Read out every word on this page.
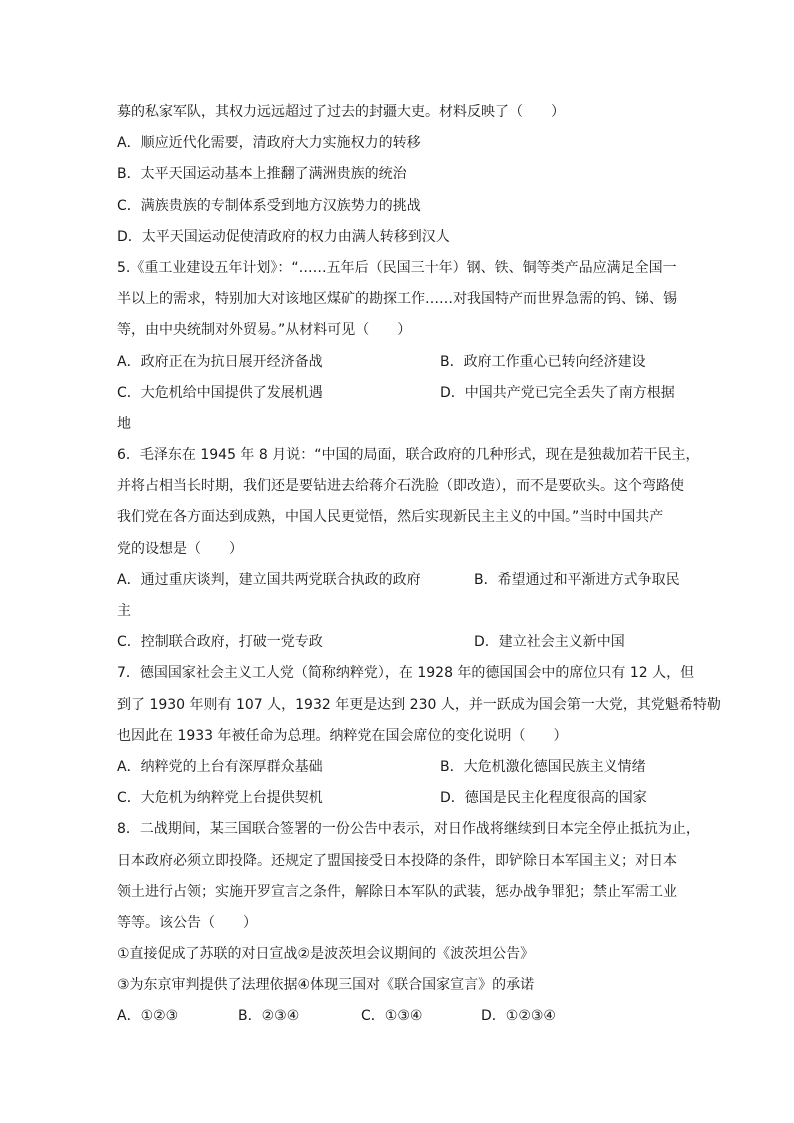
募的私家军队，其权力远远超过了过去的封疆大吏。材料反映了（　　）
A．顺应近代化需要，清政府大力实施权力的转移
B．太平天国运动基本上推翻了满洲贵族的统治
C．满族贵族的专制体系受到地方汉族势力的挑战
D．太平天国运动促使清政府的权力由满人转移到汉人
5.《重工业建设五年计划》：“……五年后（民国三十年）钢、铁、铜等类产品应满足全国一
半以上的需求，特别加大对该地区煤矿的勘探工作……对我国特产而世界急需的钨、锑、锡
等，由中央统制对外贸易。”从材料可见（　　）
A．政府正在为抗日展开经济备战	B．政府工作重心已转向经济建设
C．大危机给中国提供了发展机遇	D．中国共产党已完全丢失了南方根据
地
6．毛泽东在 1945 年 8 月说：“中国的局面，联合政府的几种形式，现在是独裁加若干民主，
并将占相当长时期，我们还是要钻进去给蒋介石洗脸（即改造），而不是要砍头。这个弯路使
我们党在各方面达到成熟，中国人民更觉悟，然后实现新民主主义的中国。”当时中国共产
党的设想是（　　）
A．通过重庆谈判，建立国共两党联合执政的政府	B．希望通过和平渐进方式争取民
主
C．控制联合政府，打破一党专政	D．建立社会主义新中国
7．德国国家社会主义工人党（简称纳粹党），在 1928 年的德国国会中的席位只有 12 人，但
到了 1930 年则有 107 人，1932 年更是达到 230 人，并一跃成为国会第一大党，其党魁希特勒
也因此在 1933 年被任命为总理。纳粹党在国会席位的变化说明（　　）
A．纳粹党的上台有深厚群众基础	B．大危机激化德国民族主义情绪
C．大危机为纳粹党上台提供契机	D．德国是民主化程度很高的国家
8．二战期间，某三国联合签署的一份公告中表示，对日作战将继续到日本完全停止抵抗为止，
日本政府必须立即投降。还规定了盟国接受日本投降的条件，即铲除日本军国主义；对日本
领土进行占领；实施开罗宣言之条件，解除日本军队的武装，惩办战争罪犯；禁止军需工业
等等。该公告（　　）
①直接促成了苏联的对日宣战②是波茨坦会议期间的《波茨坦公告》
③为东京审判提供了法理依据④体现三国对《联合国家宣言》的承诺
A．①②③	B．②③④	C．①③④	D．①②③④
